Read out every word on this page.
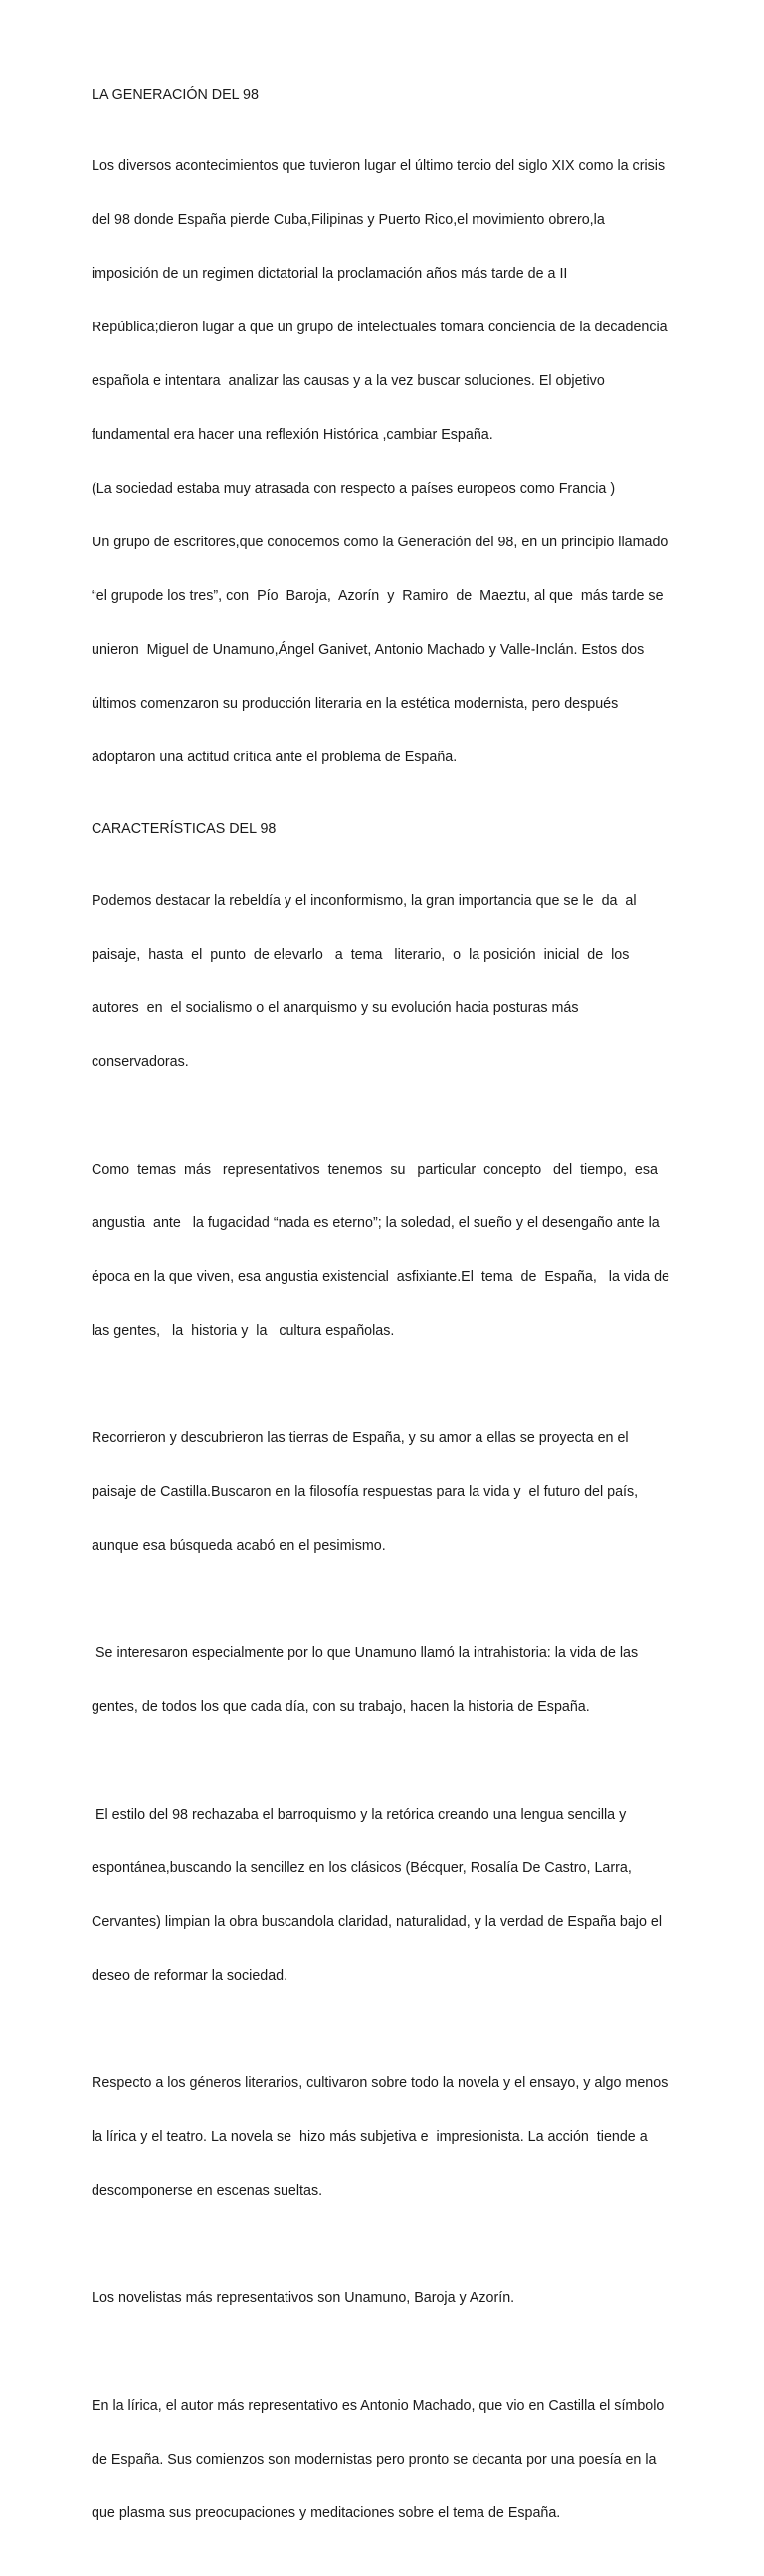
LA GENERACIÓN DEL 98

Los diversos acontecimientos que tuvieron lugar el último tercio del siglo XIX como la crisis

del 98 donde España pierde Cuba,Filipinas y Puerto Rico,el movimiento obrero,la

imposición de un regimen dictatorial la proclamación años más tarde de a II

República;dieron lugar a que un grupo de intelectuales tomara conciencia de la decadencia

española e intentara  analizar las causas y a la vez buscar soluciones. El objetivo

fundamental era hacer una reflexión Histórica ,cambiar España.

(La sociedad estaba muy atrasada con respecto a países europeos como Francia )

Un grupo de escritores,que conocemos como la Generación del 98, en un principio llamado

“el grupode los tres”, con  Pío  Baroja,  Azorín  y  Ramiro  de  Maeztu, al que  más tarde se

unieron  Miguel de Unamuno,Ángel Ganivet, Antonio Machado y Valle-Inclán. Estos dos

últimos comenzaron su producción literaria en la estética modernista, pero después

adoptaron una actitud crítica ante el problema de España.

CARACTERÍSTICAS DEL 98

Podemos destacar la rebeldía y el inconformismo, la gran importancia que se le  da  al

paisaje,  hasta  el  punto  de elevarlo   a  tema   literario,  o  la posición  inicial  de  los

autores  en  el socialismo o el anarquismo y su evolución hacia posturas más

conservadoras.

Como  temas  más   representativos  tenemos  su   particular  concepto   del  tiempo,  esa

angustia  ante   la fugacidad “nada es eterno”; la soledad, el sueño y el desengaño ante la

época en la que viven, esa angustia existencial  asfixiante.El  tema  de  España,   la vida de

las gentes,   la  historia y  la   cultura españolas.

Recorrieron y descubrieron las tierras de España, y su amor a ellas se proyecta en el

paisaje de Castilla.Buscaron en la filosofía respuestas para la vida y  el futuro del país,

aunque esa búsqueda acabó en el pesimismo.

Se interesaron especialmente por lo que Unamuno llamó la intrahistoria: la vida de las

gentes, de todos los que cada día, con su trabajo, hacen la historia de España.

El estilo del 98 rechazaba el barroquismo y la retórica creando una lengua sencilla y

espontánea,buscando la sencillez en los clásicos (Bécquer, Rosalía De Castro, Larra,

Cervantes) limpian la obra buscandola claridad, naturalidad, y la verdad de España bajo el

deseo de reformar la sociedad.

Respecto a los géneros literarios, cultivaron sobre todo la novela y el ensayo, y algo menos

la lírica y el teatro. La novela se  hizo más subjetiva e  impresionista. La acción  tiende a

descomponerse en escenas sueltas.

Los novelistas más representativos son Unamuno, Baroja y Azorín.

En la lírica, el autor más representativo es Antonio Machado, que vio en Castilla el símbolo

de España. Sus comienzos son modernistas pero pronto se decanta por una poesía en la

que plasma sus preocupaciones y meditaciones sobre el tema de España.
